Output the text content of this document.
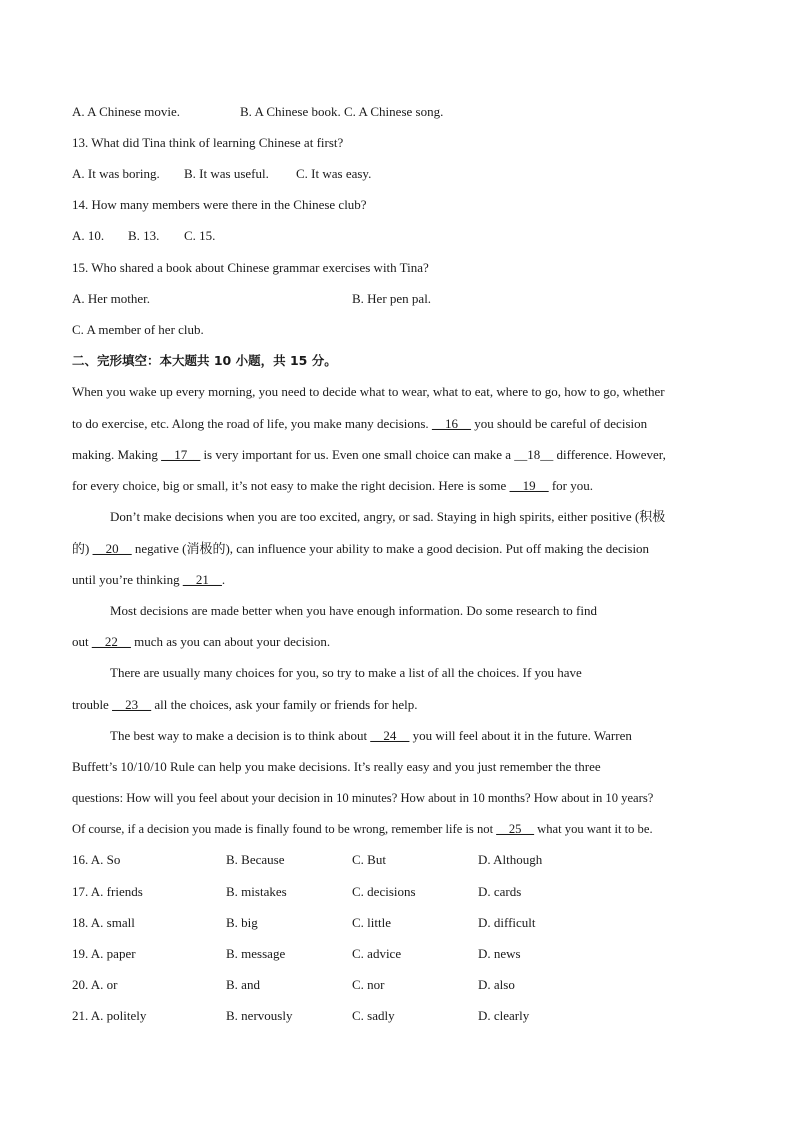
A. A Chinese movie.	B. A Chinese book. C. A Chinese song.
13. What did Tina think of learning Chinese at first?
A. It was boring. B. It was useful. C. It was easy.
14. How many members were there in the Chinese club?
A. 10. B. 13. C. 15.
15. Who shared a book about Chinese grammar exercises with Tina?
A. Her mother.	B. Her pen pal.
C. A member of her club.
二、完形填空：本大题共 10 小题，共 15 分。
When you wake up every morning, you need to decide what to wear, what to eat, where to go, how to go, whether
to do exercise, etc. Along the road of life, you make many decisions. __16__ you should be careful of decision
making. Making __17__ is very important for us. Even one small choice can make a __18__ difference. However,
for every choice, big or small, it’s not easy to make the right decision. Here is some __19__ for you.
Don’t make decisions when you are too excited, angry, or sad. Staying in high spirits, either positive (积极
的) __20__ negative (消极的), can influence your ability to make a good decision. Put off making the decision
until you’re thinking __21__.
Most decisions are made better when you have enough information. Do some research to find
out __22__ much as you can about your decision.
There are usually many choices for you, so try to make a list of all the choices. If you have
trouble __23__ all the choices, ask your family or friends for help.
The best way to make a decision is to think about __24__ you will feel about it in the future. Warren
Buffett’s 10/10/10 Rule can help you make decisions. It’s really easy and you just remember the three
questions: How will you feel about your decision in 10 minutes? How about in 10 months? How about in 10 years?
Of course, if a decision you made is finally found to be wrong, remember life is not __25__ what you want it to be.
16. A. So	B. Because	C. But	D. Although
17. A. friends	B. mistakes	C. decisions	D. cards
18. A. small	B. big	C. little	D. difficult
19. A. paper	B. message	C. advice	D. news
20. A. or	B. and	C. nor	D. also
21. A. politely	B. nervously	C. sadly	D. clearly
